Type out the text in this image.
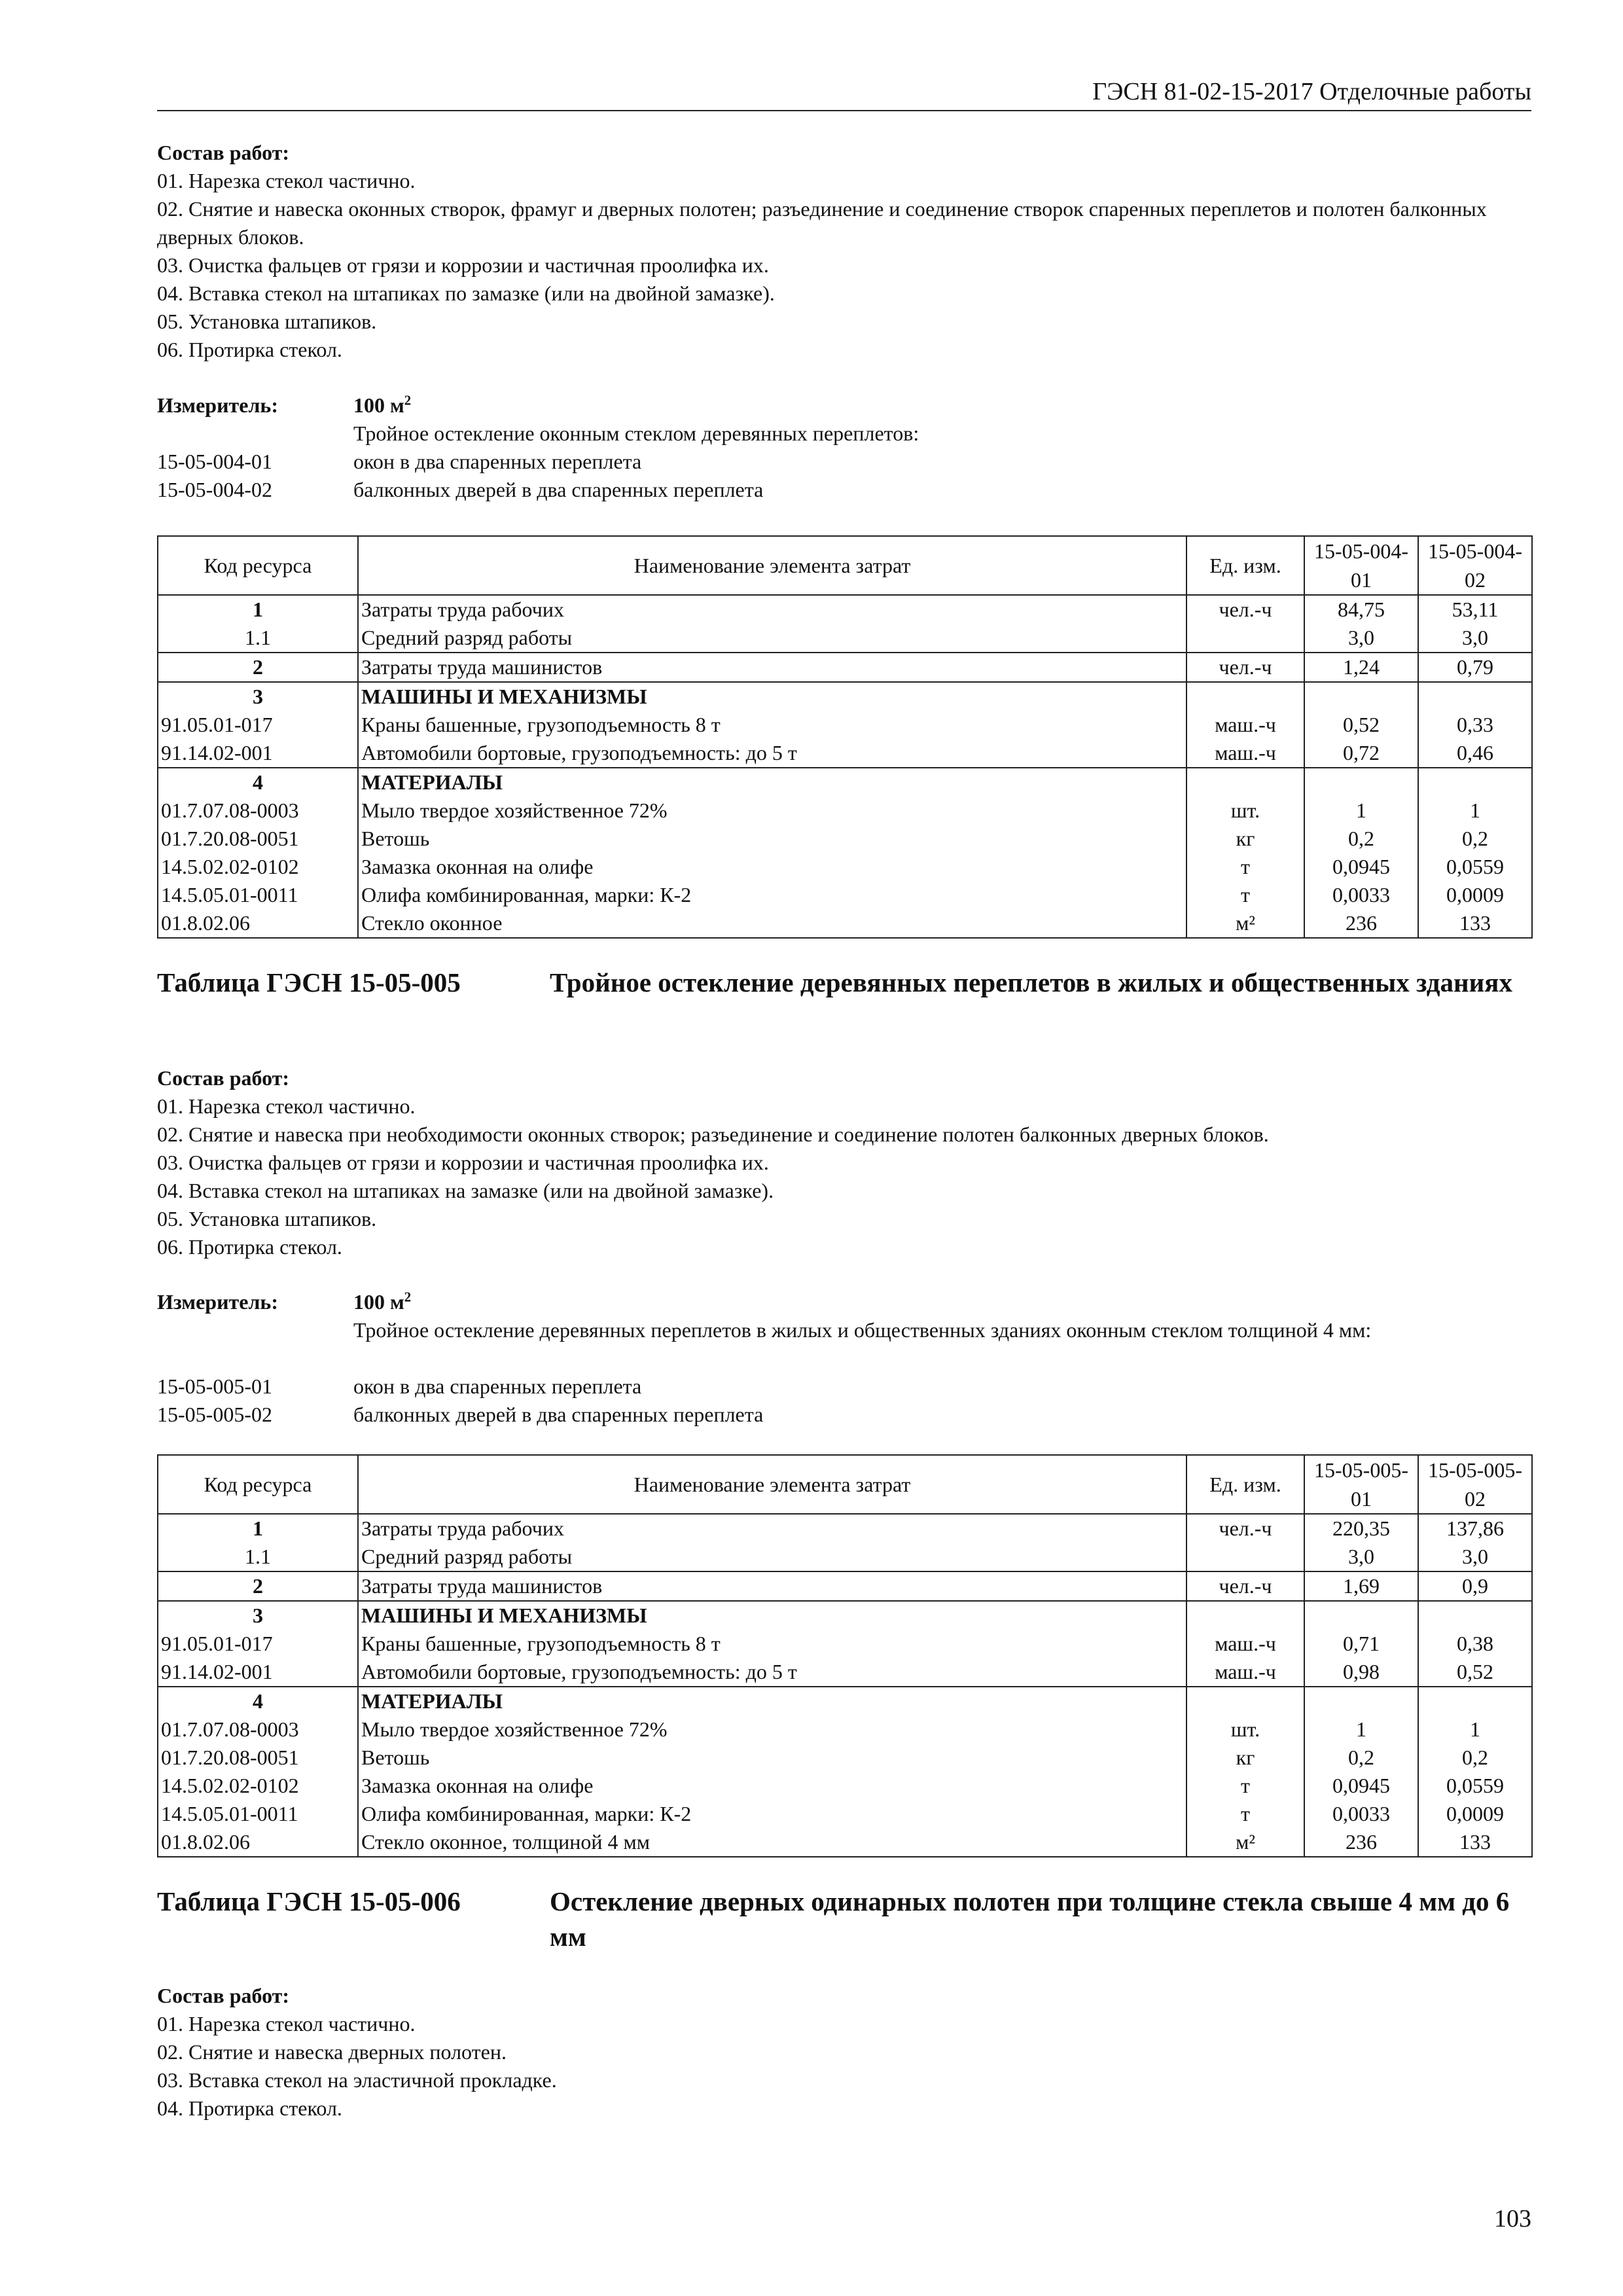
ГЭСН 81-02-15-2017 Отделочные работы
Состав работ:
01. Нарезка стекол частично.
02. Снятие и навеска оконных створок, фрамуг и дверных полотен; разъединение и соединение створок спаренных переплетов и полотен балконных дверных блоков.
03. Очистка фальцев от грязи и коррозии и частичная проолифка их.
04. Вставка стекол на штапиках по замазке (или на двойной замазке).
05. Установка штапиков.
06. Протирка стекол.
Измеритель:	100 $м^2$
Тройное остекление оконным стеклом деревянных переплетов:
15-05-004-01	окон в два спаренных переплета
15-05-004-02	балконных дверей в два спаренных переплета
Код ресурса	Наименование элемента затрат	Ед. изм.	15-05-004-01	15-05-004-02
1	Затраты труда рабочих	чел.-ч	84,75	53,11
1.1	Средний разряд работы		3,0	3,0
2	Затраты труда машинистов	чел.-ч	1,24	0,79
3	МАШИНЫ И МЕХАНИЗМЫ			
91.05.01-017	Краны башенные, грузоподъемность 8 т	маш.-ч	0,52	0,33
91.14.02-001	Автомобили бортовые, грузоподъемность: до 5 т	маш.-ч	0,72	0,46
4	МАТЕРИАЛЫ			
01.7.07.08-0003	Мыло твердое хозяйственное 72%	шт.	1	1
01.7.20.08-0051	Ветошь	кг	0,2	0,2
14.5.02.02-0102	Замазка оконная на олифе	т	0,0945	0,0559
14.5.05.01-0011	Олифа комбинированная, марки: К-2	т	0,0033	0,0009
01.8.02.06	Стекло оконное	м²	236	133
Таблица ГЭСН 15-05-005	Тройное остекление деревянных переплетов в жилых и общественных зданиях
Состав работ:
01. Нарезка стекол частично.
02. Снятие и навеска при необходимости оконных створок; разъединение и соединение полотен балконных дверных блоков.
03. Очистка фальцев от грязи и коррозии и частичная проолифка их.
04. Вставка стекол на штапиках на замазке (или на двойной замазке).
05. Установка штапиков.
06. Протирка стекол.
Измеритель:	100 $м^2$
Тройное остекление деревянных переплетов в жилых и общественных зданиях оконным стеклом толщиной 4 мм:
15-05-005-01	окон в два спаренных переплета
15-05-005-02	балконных дверей в два спаренных переплета
Код ресурса	Наименование элемента затрат	Ед. изм.	15-05-005-01	15-05-005-02
1	Затраты труда рабочих	чел.-ч	220,35	137,86
1.1	Средний разряд работы		3,0	3,0
2	Затраты труда машинистов	чел.-ч	1,69	0,9
3	МАШИНЫ И МЕХАНИЗМЫ			
91.05.01-017	Краны башенные, грузоподъемность 8 т	маш.-ч	0,71	0,38
91.14.02-001	Автомобили бортовые, грузоподъемность: до 5 т	маш.-ч	0,98	0,52
4	МАТЕРИАЛЫ			
01.7.07.08-0003	Мыло твердое хозяйственное 72%	шт.	1	1
01.7.20.08-0051	Ветошь	кг	0,2	0,2
14.5.02.02-0102	Замазка оконная на олифе	т	0,0945	0,0559
14.5.05.01-0011	Олифа комбинированная, марки: К-2	т	0,0033	0,0009
01.8.02.06	Стекло оконное, толщиной 4 мм	м²	236	133
Таблица ГЭСН 15-05-006	Остекление дверных одинарных полотен при толщине стекла свыше 4 мм до 6 мм
Состав работ:
01. Нарезка стекол частично.
02. Снятие и навеска дверных полотен.
03. Вставка стекол на эластичной прокладке.
04. Протирка стекол.
103
